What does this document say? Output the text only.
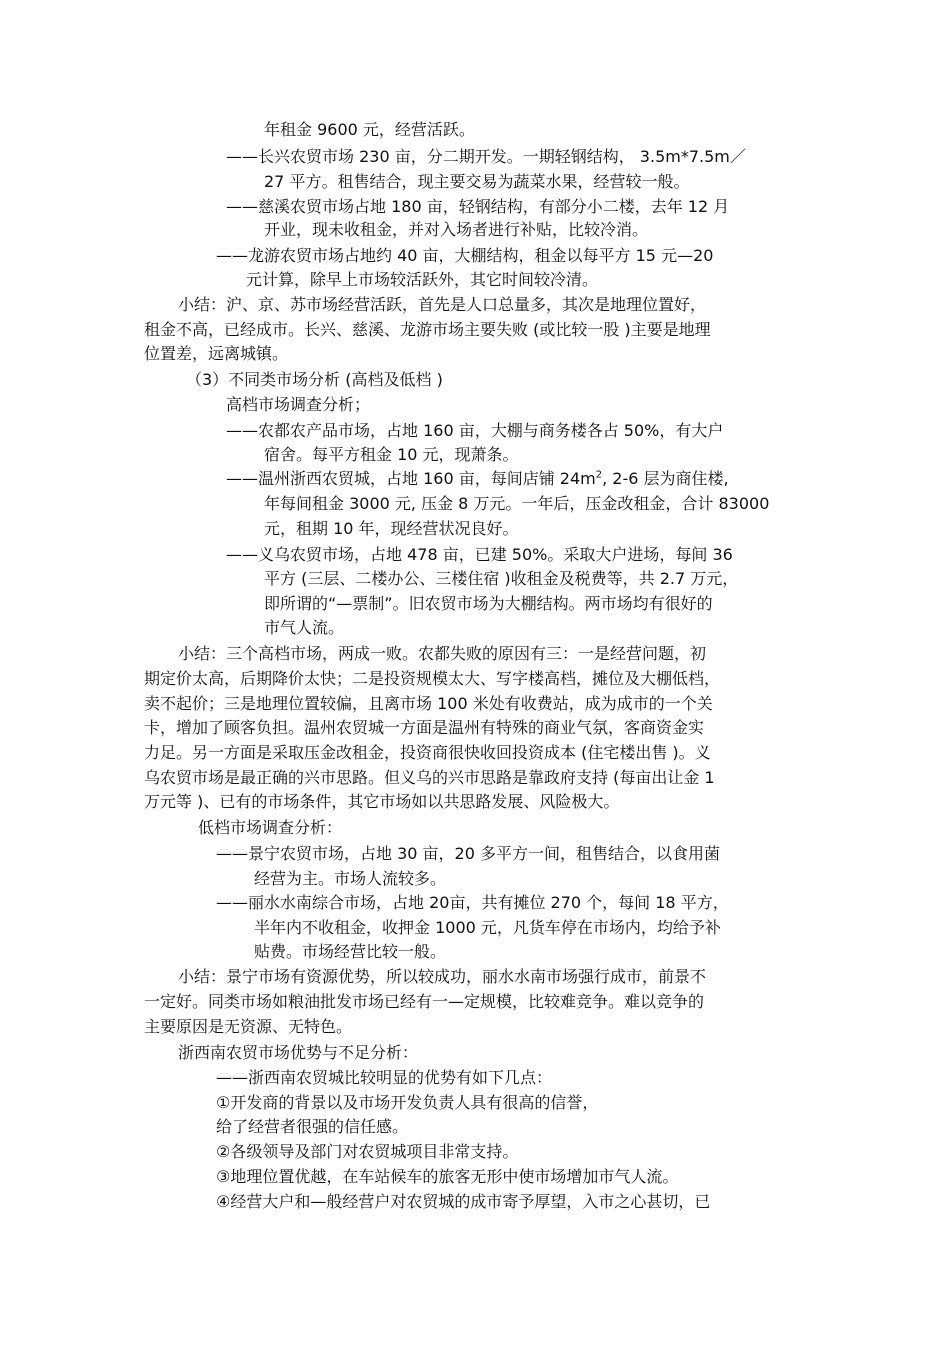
年租金 9600 元，经营活跃。
——长兴农贸市场 230 亩，分二期开发。一期轻钢结构， 3.5m*7.5m／
27 平方。租售结合，现主要交易为蔬菜水果，经营较一般。
——慈溪农贸市场占地 180 亩，轻钢结构，有部分小二楼，去年 12 月
开业，现未收租金，并对入场者进行补贴，比较冷消。
——龙游农贸市场占地约 40 亩，大棚结构，租金以每平方 15 元—20
元计算，除早上市场较活跃外，其它时间较冷清。
小结：沪、京、苏市场经营活跃，首先是人口总量多，其次是地理位置好，
租金不高，已经成市。长兴、慈溪、龙游市场主要失败 (或比较一股 )主要是地理
位置差，远离城镇。
（3）不同类市场分析 (高档及低档 )
高档市场调查分析；
——农都农产品市场，占地 160 亩，大棚与商务楼各占 50%，有大户
宿舍。每平方租金 10 元，现萧条。
——温州浙西农贸城，占地 160 亩，每间店铺 $24m^2$, 2-6 层为商住楼,
年每间租金 3000 元, 压金 8 万元。一年后，压金改租金，合计 83000
元，租期 10 年，现经营状况良好。
——义乌农贸市场，占地 478 亩，已建 50%。采取大户进场，每间 36
平方 (三层、二楼办公、三楼住宿 )收租金及税费等，共 2.7 万元，
即所谓的“—票制”。旧农贸市场为大棚结构。两市场均有很好的
市气人流。
小结：三个高档市场，两成一败。农都失败的原因有三：一是经营问题，初
期定价太高，后期降价太快；二是投资规模太大、写字楼高档，摊位及大棚低档，
卖不起价；三是地理位置较偏，且离市场 100 米处有收费站，成为成市的一个关
卡，增加了顾客负担。温州农贸城一方面是温州有特殊的商业气氛，客商资金实
力足。另一方面是采取压金改租金，投资商很快收回投资成本 (住宅楼出售 )。义
乌农贸市场是最正确的兴市思路。但义乌的兴市思路是靠政府支持 (每亩出让金 1
万元等 )、已有的市场条件，其它市场如以共思路发展、风险极大。
低档市场调查分析：
——景宁农贸市场，占地 30 亩，20 多平方一间，租售结合，以食用菌
经营为主。市场人流较多。
——丽水水南综合市场，占地 20亩，共有摊位 270 个，每间 18 平方，
半年内不收租金，收押金 1000 元，凡货车停在市场内，均给予补
贴费。市场经营比较一般。
小结：景宁市场有资源优势，所以较成功，丽水水南市场强行成市，前景不
一定好。同类市场如粮油批发市场已经有一—定规模，比较难竞争。难以竞争的
主要原因是无资源、无特色。
浙西南农贸市场优势与不足分析：
——浙西南农贸城比较明显的优势有如下几点：
①开发商的背景以及市场开发负责人具有很高的信誉，
给了经营者很强的信任感。
②各级领导及部门对农贸城项目非常支持。
③地理位置优越，在车站候车的旅客无形中使市场增加市气人流。
④经营大户和—般经营户对农贸城的成市寄予厚望，入市之心甚切，已
